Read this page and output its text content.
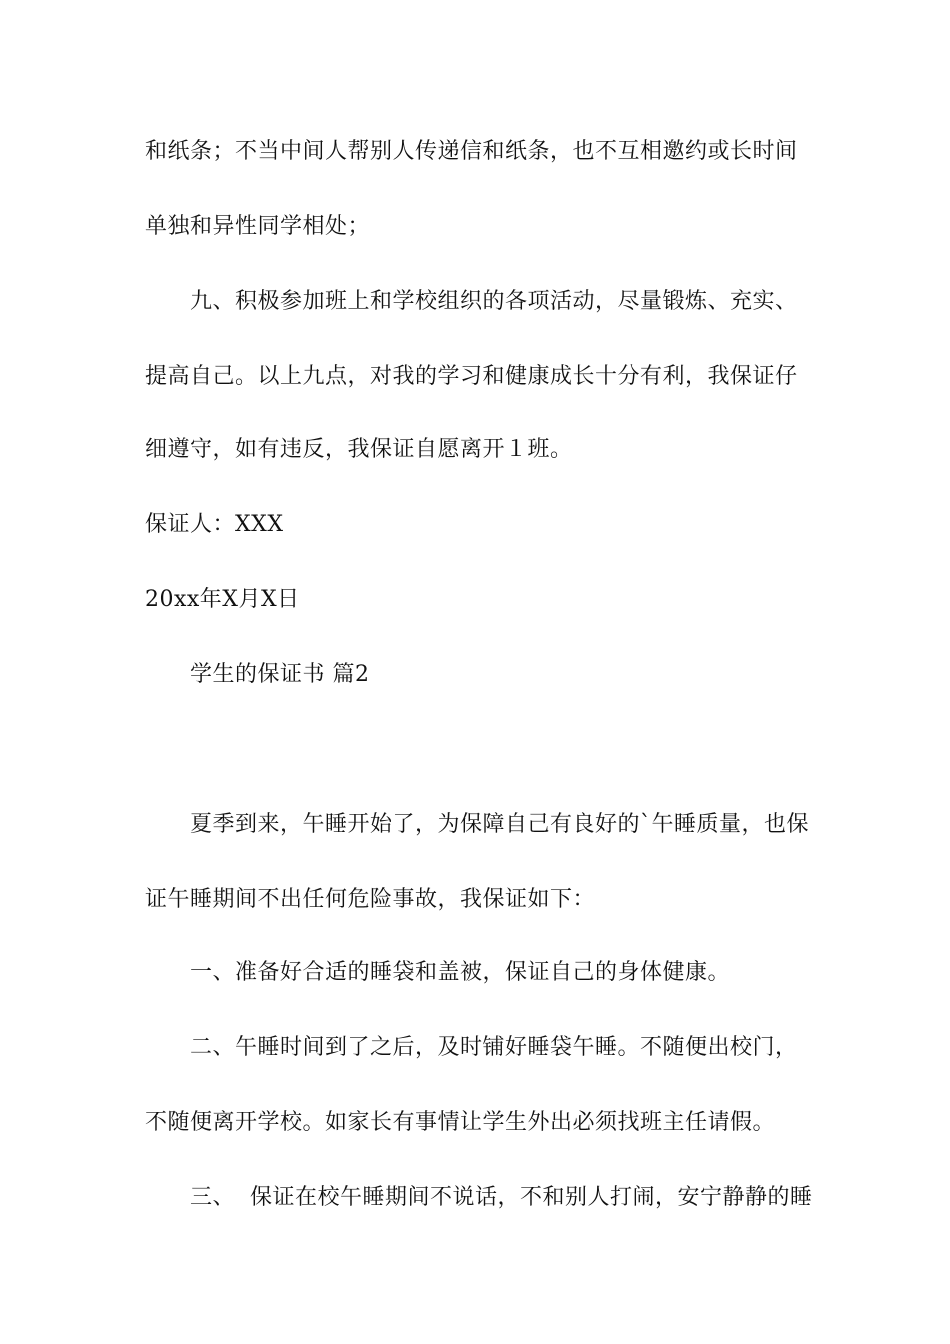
和纸条；不当中间人帮别人传递信和纸条，也不互相邀约或长时间
单独和异性同学相处；
九、积极参加班上和学校组织的各项活动，尽量锻炼、充实、
提高自己。以上九点，对我的学习和健康成长十分有利，我保证仔
细遵守，如有违反，我保证自愿离开１班。
保证人：XXX
20xx年X月X日
学生的保证书 篇2
夏季到来，午睡开始了，为保障自己有良好的`午睡质量，也保
证午睡期间不出任何危险事故，我保证如下：
一、准备好合适的睡袋和盖被，保证自己的身体健康。
二、午睡时间到了之后，及时铺好睡袋午睡。不随便出校门，
不随便离开学校。如家长有事情让学生外出必须找班主任请假。
三、  保证在校午睡期间不说话，不和别人打闹，安宁静静的睡
